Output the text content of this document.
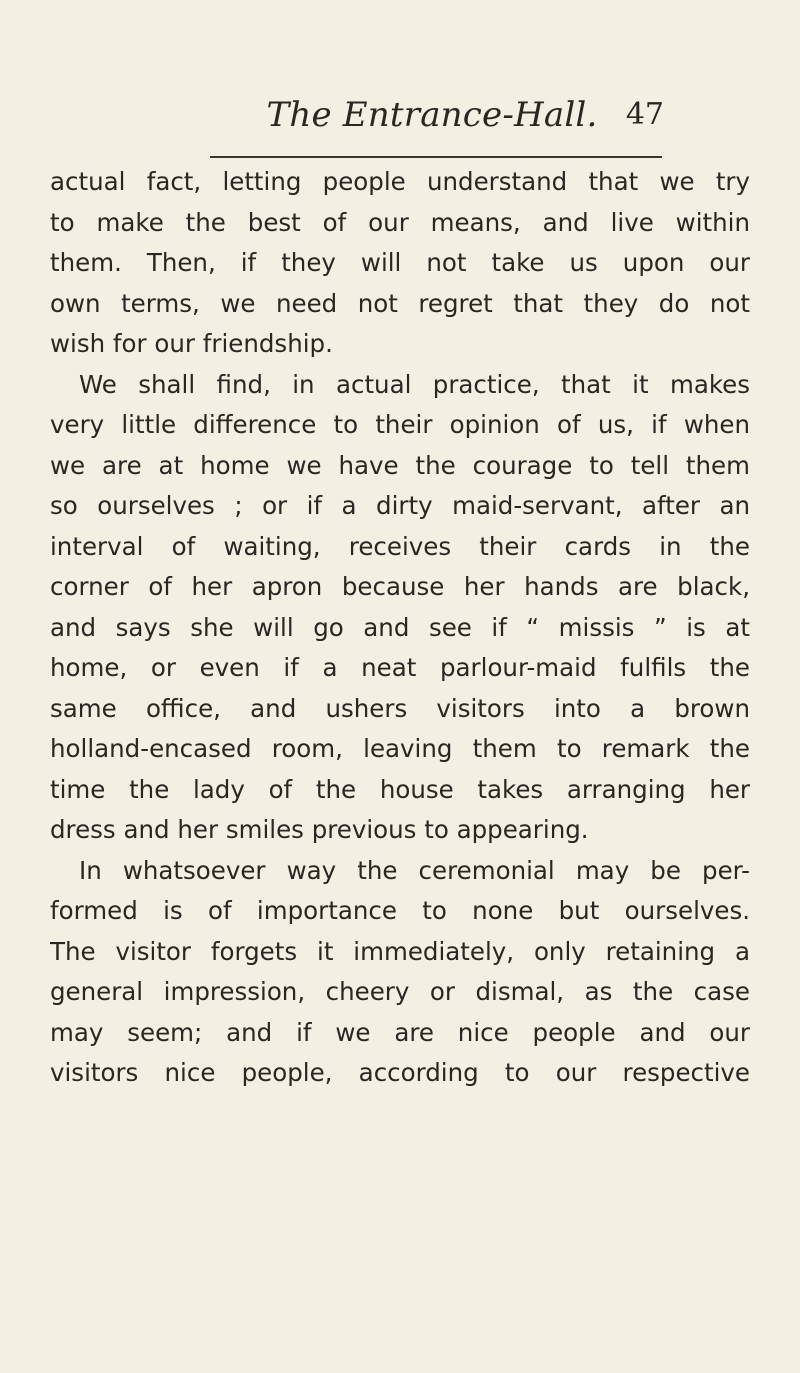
The Entrance-Hall. 47
actual fact, letting people understand that we try
to make the best of our means, and live within
them. Then, if they will not take us upon our
own terms, we need not regret that they do not
wish for our friendship.
We shall find, in actual practice, that it makes
very little difference to their opinion of us, if when
we are at home we have the courage to tell them
so ourselves ; or if a dirty maid-servant, after an
interval of waiting, receives their cards in the
corner of her apron because her hands are black,
and says she will go and see if “ missis ” is at
home, or even if a neat parlour-maid fulfils the
same office, and ushers visitors into a brown
holland-encased room, leaving them to remark the
time the lady of the house takes arranging her
dress and her smiles previous to appearing.
In whatsoever way the ceremonial may be per-
formed is of importance to none but ourselves.
The visitor forgets it immediately, only retaining a
general impression, cheery or dismal, as the case
may seem; and if we are nice people and our
visitors nice people, according to our respective
